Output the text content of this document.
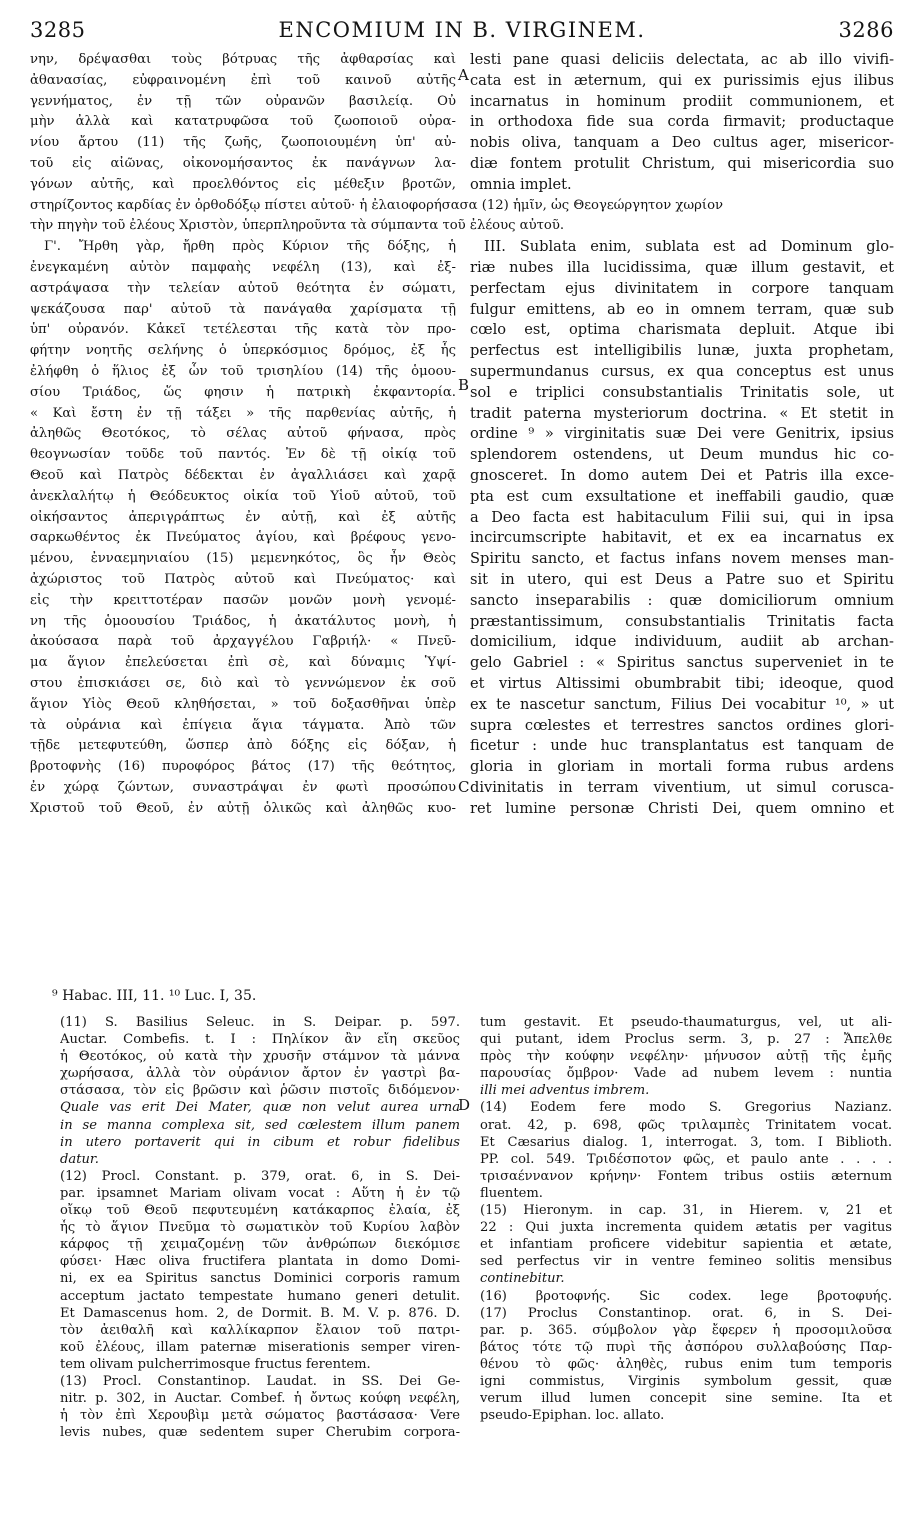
3285	ENCOMIUM IN B. VIRGINEM.	3286
νην, δρέψασθαι τοὺς βότρυας τῆς ἀφθαρσίας καὶ
ἀθανασίας, εὐφραινομένη ἐπὶ τοῦ καινοῦ αὐτῆς
γεννήματος, ἐν τῇ τῶν οὐρανῶν βασιλείᾳ. Οὐ
μὴν ἀλλὰ καὶ κατατρυφῶσα τοῦ ζωοποιοῦ οὐρα-
νίου ἄρτου (11) τῆς ζωῆς, ζωοποιουμένη ὑπ' αὐ-
τοῦ εἰς αἰῶνας, οἰκονομήσαντος ἐκ πανάγνων λα-
γόνων αὐτῆς, καὶ προελθόντος εἰς μέθεξιν βροτῶν,
στηρίζοντος καρδίας ἐν ὀρθοδόξῳ πίστει αὐτοῦ· ἡ ἐλαιοφορήσασα (12) ἡμῖν, ὡς Θεογεώργητον χωρίον
τὴν πηγὴν τοῦ ἐλέους Χριστὸν, ὑπερπληροῦντα τὰ σύμπαντα τοῦ ἐλέους αὐτοῦ.
Γ'. Ἤρθη γὰρ, ἤρθη πρὸς Κύριον τῆς δόξης, ἡ
ἐνεγκαμένη αὐτὸν παμφαὴς νεφέλη (13), καὶ ἐξ-
αστράψασα τὴν τελείαν αὐτοῦ θεότητα ἐν σώματι,
ψεκάζουσα παρ' αὐτοῦ τὰ πανάγαθα χαρίσματα τῇ
ὑπ' οὐρανόν. Κἀκεῖ τετέλεσται τῆς κατὰ τὸν προ-
φήτην νοητῆς σελήνης ὁ ὑπερκόσμιος δρόμος, ἐξ ἧς
ἐλήφθη ὁ ἥλιος ἐξ ὧν τοῦ τρισηλίου (14) τῆς ὁμοου-
σίου Τριάδος, ὥς φησιν ἡ πατρικὴ ἐκφαντορία.
« Καὶ ἔστη ἐν τῇ τάξει » τῆς παρθενίας αὐτῆς, ἡ
ἀληθῶς Θεοτόκος, τὸ σέλας αὐτοῦ φήνασα, πρὸς
θεογνωσίαν τοῦδε τοῦ παντός. Ἐν δὲ τῇ οἰκίᾳ τοῦ
Θεοῦ καὶ Πατρὸς δέδεκται ἐν ἀγαλλιάσει καὶ χαρᾷ
ἀνεκλαλήτῳ ἡ Θεόδευκτος οἰκία τοῦ Υἱοῦ αὐτοῦ, τοῦ
οἰκήσαντος ἀπεριγράπτως ἐν αὐτῇ, καὶ ἐξ αὐτῆς
σαρκωθέντος ἐκ Πνεύματος ἁγίου, καὶ βρέφους γενο-
μένου, ἐνναεμηνιαίου (15) μεμενηκότος, ὃς ἦν Θεὸς
ἀχώριστος τοῦ Πατρὸς αὐτοῦ καὶ Πνεύματος· καὶ
εἰς τὴν κρειττοτέραν πασῶν μονῶν μονὴ γενομέ-
νη τῆς ὁμοουσίου Τριάδος, ἡ ἀκατάλυτος μονὴ, ἡ
ἀκούσασα παρὰ τοῦ ἀρχαγγέλου Γαβριήλ· « Πνεῦ-
μα ἅγιον ἐπελεύσεται ἐπὶ σὲ, καὶ δύναμις Ὑψί-
στου ἐπισκιάσει σε, διὸ καὶ τὸ γεννώμενον ἐκ σοῦ
ἅγιον Υἱὸς Θεοῦ κληθήσεται, » τοῦ δοξασθῆναι ὑπὲρ
τὰ οὐράνια καὶ ἐπίγεια ἅγια τάγματα. Ἀπὸ τῶν
τῇδε μετεφυτεύθη, ὥσπερ ἀπὸ δόξης εἰς δόξαν, ἡ
βροτοφνὴς (16) πυροφόρος βάτος (17) τῆς θεότητος,
ἐν χώρᾳ ζώντων, συναστράψαι ἐν φωτὶ προσώπου
Χριστοῦ τοῦ Θεοῦ, ἐν αὐτῇ ὁλικῶς καὶ ἀληθῶς κυο-
lesti pane quasi deliciis delectata, ac ab illo vivifi-
cata est in æternum, qui ex purissimis ejus ilibus
incarnatus in hominum prodiit communionem, et
in orthodoxa fide sua corda firmavit; productaque
nobis oliva, tanquam a Deo cultus ager, misericor-
diæ fontem protulit Christum, qui misericordia suo
omnia implet.
III. Sublata enim, sublata est ad Dominum glo-
riæ nubes illa lucidissima, quæ illum gestavit, et
perfectam ejus divinitatem in corpore tanquam
fulgur emittens, ab eo in omnem terram, quæ sub
cœlo est, optima charismata depluit. Atque ibi
perfectus est intelligibilis lunæ, juxta prophetam,
supermundanus cursus, ex qua conceptus est unus
sol e triplici consubstantialis Trinitatis sole, ut
tradit paterna mysteriorum doctrina. « Et stetit in
ordine ⁹ » virginitatis suæ Dei vere Genitrix, ipsius
splendorem ostendens, ut Deum mundus hic co-
gnosceret. In domo autem Dei et Patris illa exce-
pta est cum exsultatione et ineffabili gaudio, quæ
a Deo facta est habitaculum Filii sui, qui in ipsa
incircumscripte habitavit, et ex ea incarnatus ex
Spiritu sancto, et factus infans novem menses man-
sit in utero, qui est Deus a Patre suo et Spiritu
sancto inseparabilis : quæ domiciliorum omnium
præstantissimum, consubstantialis Trinitatis facta
domicilium, idque individuum, audiit ab archan-
gelo Gabriel : « Spiritus sanctus superveniet in te
et virtus Altissimi obumbrabit tibi; ideoque, quod
ex te nascetur sanctum, Filius Dei vocabitur ¹⁰, » ut
supra cœlestes et terrestres sanctos ordines glori-
ficetur : unde huc transplantatus est tanquam de
gloria in gloriam in mortali forma rubus ardens
divinitatis in terram viventium, ut simul corusca-
ret lumine personæ Christi Dei, quem omnino et
A
B
C
D
⁹ Habac. III, 11. ¹⁰ Luc. I, 35.
(11) S. Basilius Seleuc. in S. Deipar. p. 597.
Auctar. Combefis. t. I : Πηλίκον ἂν εἴη σκεῦος
ἡ Θεοτόκος, οὐ κατὰ τὴν χρυσῆν στάμνον τὰ μάννα
χωρήσασα, ἀλλὰ τὸν οὐράνιον ἄρτον ἐν γαστρὶ βα-
στάσασα, τὸν εἰς βρῶσιν καὶ ῥῶσιν πιστοῖς διδόμενον·
Quale vas erit Dei Mater, quæ non velut aurea urna
in se manna complexa sit, sed cœlestem illum panem
in utero portaverit qui in cibum et robur fidelibus
datur.
(12) Procl. Constant. p. 379, orat. 6, in S. Dei-
par. ipsamnet Mariam olivam vocat : Αὕτη ἡ ἐν τῷ
οἴκῳ τοῦ Θεοῦ πεφυτευμένη κατάκαρπος ἐλαία, ἐξ
ἧς τὸ ἅγιον Πνεῦμα τὸ σωματικὸν τοῦ Κυρίου λαβὸν
κάρφος τῇ χειμαζομένῃ τῶν ἀνθρώπων διεκόμισε
φύσει· Hæc oliva fructifera plantata in domo Domi-
ni, ex ea Spiritus sanctus Dominici corporis ramum
acceptum jactato tempestate humano generi detulit.
Et Damascenus hom. 2, de Dormit. B. M. V. p. 876. D.
τὸν ἀειθαλῆ καὶ καλλίκαρπον ἔλαιον τοῦ πατρι-
κοῦ ἐλέους, illam paternæ miserationis semper viren-
tem olivam pulcherrimosque fructus ferentem.
(13) Procl. Constantinop. Laudat. in SS. Dei Ge-
nitr. p. 302, in Auctar. Combef. ἡ ὄντως κούφη νεφέλη,
ἡ τὸν ἐπὶ Χερουβὶμ μετὰ σώματος βαστάσασα· Vere
levis nubes, quæ sedentem super Cherubim corpora-
tum gestavit. Et pseudo-thaumaturgus, vel, ut ali-
qui putant, idem Proclus serm. 3, p. 27 : Ἄπελθε
πρὸς τὴν κούφην νεφέλην· μήνυσον αὐτῇ τῆς ἐμῆς
παρουσίας ὄμβρον· Vade ad nubem levem : nuntia
illi mei adventus imbrem.
(14) Eodem fere modo S. Gregorius Nazianz.
orat. 42, p. 698, φῶς τριλαμπὲς Trinitatem vocat.
Et Cæsarius dialog. 1, interrogat. 3, tom. I Biblioth.
PP. col. 549. Τριδέσποτον φῶς, et paulo ante . . . .
τρισαέννανον κρήνην· Fontem tribus ostiis æternum
fluentem.
(15) Hieronym. in cap. 31, in Hierem. v, 21 et
22 : Qui juxta incrementa quidem ætatis per vagitus
et infantiam proficere videbitur sapientia et ætate,
sed perfectus vir in ventre femineo solitis mensibus
continebitur.
(16) βροτοφνής. Sic codex. lege βροτοφυής.
(17) Proclus Constantinop. orat. 6, in S. Dei-
par. p. 365. σύμβολον γὰρ ἔφερεν ἡ προσομιλοῦσα
βάτος τότε τῷ πυρὶ τῆς ἀσπόρου συλλαβούσης Παρ-
θένου τὸ φῶς· ἀληθὲς, rubus enim tum temporis
igni commistus, Virginis symbolum gessit, quæ
verum illud lumen concepit sine semine. Ita et
pseudo-Epiphan. loc. allato.
